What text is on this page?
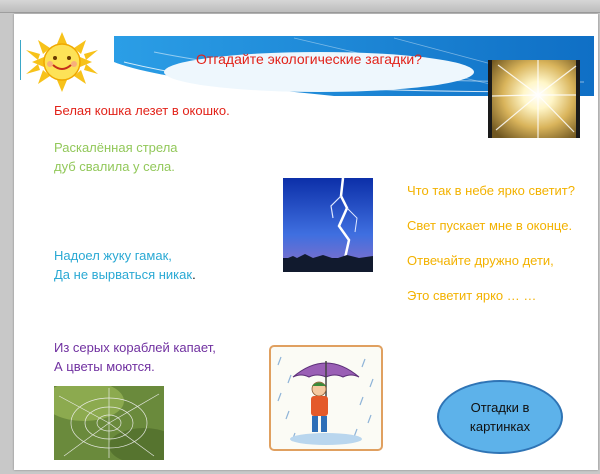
Отгадайте экологические загадки?
Белая кошка лезет в окошко.
Раскалённая стрела
дуб свалила у села.
Надоел жуку гамак,
Да не вырваться никак.
Из серых кораблей капает,
А цветы моются.

Что так в небе ярко светит?

Свет пускает мне в оконце.

Отвечайте дружно дети,

Это светит ярко … …

Отгадки в
картинках
